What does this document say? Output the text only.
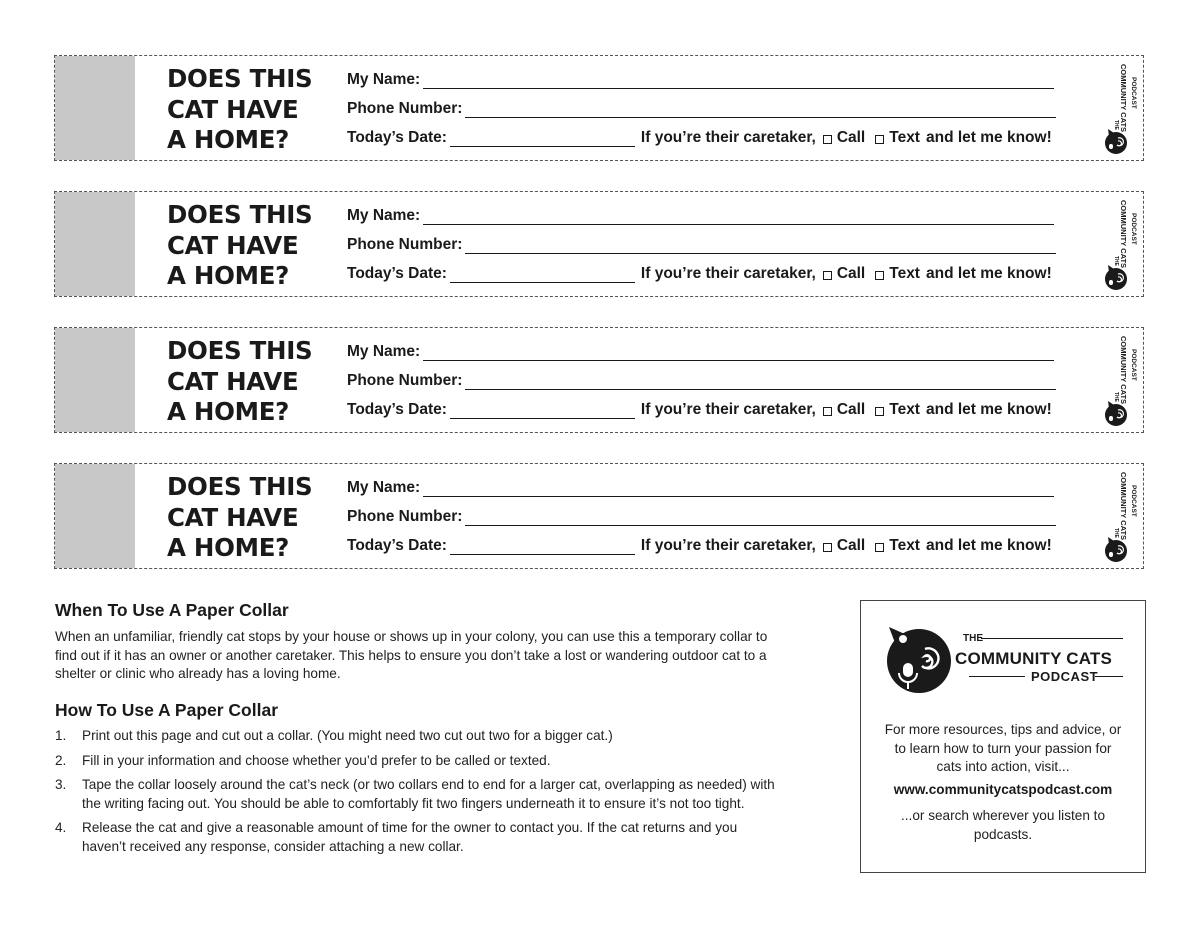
DOES THIS
CAT HAVE
A HOME?
My Name:
Phone Number:
Today’s Date:	If you’re their caretaker, Call Text and let me know!
COMMUNITY CATS PODCAST
THE
DOES THIS
CAT HAVE
A HOME?
My Name:
Phone Number:
Today’s Date:	If you’re their caretaker, Call Text and let me know!
COMMUNITY CATS PODCAST
THE
DOES THIS
CAT HAVE
A HOME?
My Name:
Phone Number:
Today’s Date:	If you’re their caretaker, Call Text and let me know!
COMMUNITY CATS PODCAST
THE
DOES THIS
CAT HAVE
A HOME?
My Name:
Phone Number:
Today’s Date:	If you’re their caretaker, Call Text and let me know!
COMMUNITY CATS PODCAST
THE
When To Use A Paper Collar
When an unfamiliar, friendly cat stops by your house or shows up in your colony, you can use this a temporary collar to
find out if it has an owner or another caretaker. This helps to ensure you don’t take a lost or wandering outdoor cat to a
shelter or clinic who already has a loving home.
How To Use A Paper Collar
1. Print out this page and cut out a collar. (You might need two cut out two for a bigger cat.)
2. Fill in your information and choose whether you’d prefer to be called or texted.
3. Tape the collar loosely around the cat’s neck (or two collars end to end for a larger cat, overlapping as needed) with
the writing facing out. You should be able to comfortably fit two fingers underneath it to ensure it’s not too tight.
4. Release the cat and give a reasonable amount of time for the owner to contact you. If the cat returns and you
haven’t received any response, consider attaching a new collar.
THE
COMMUNITY CATS
PODCAST
For more resources, tips and advice, or
to learn how to turn your passion for
cats into action, visit...
www.communitycatspodcast.com
...or search wherever you listen to
podcasts.
